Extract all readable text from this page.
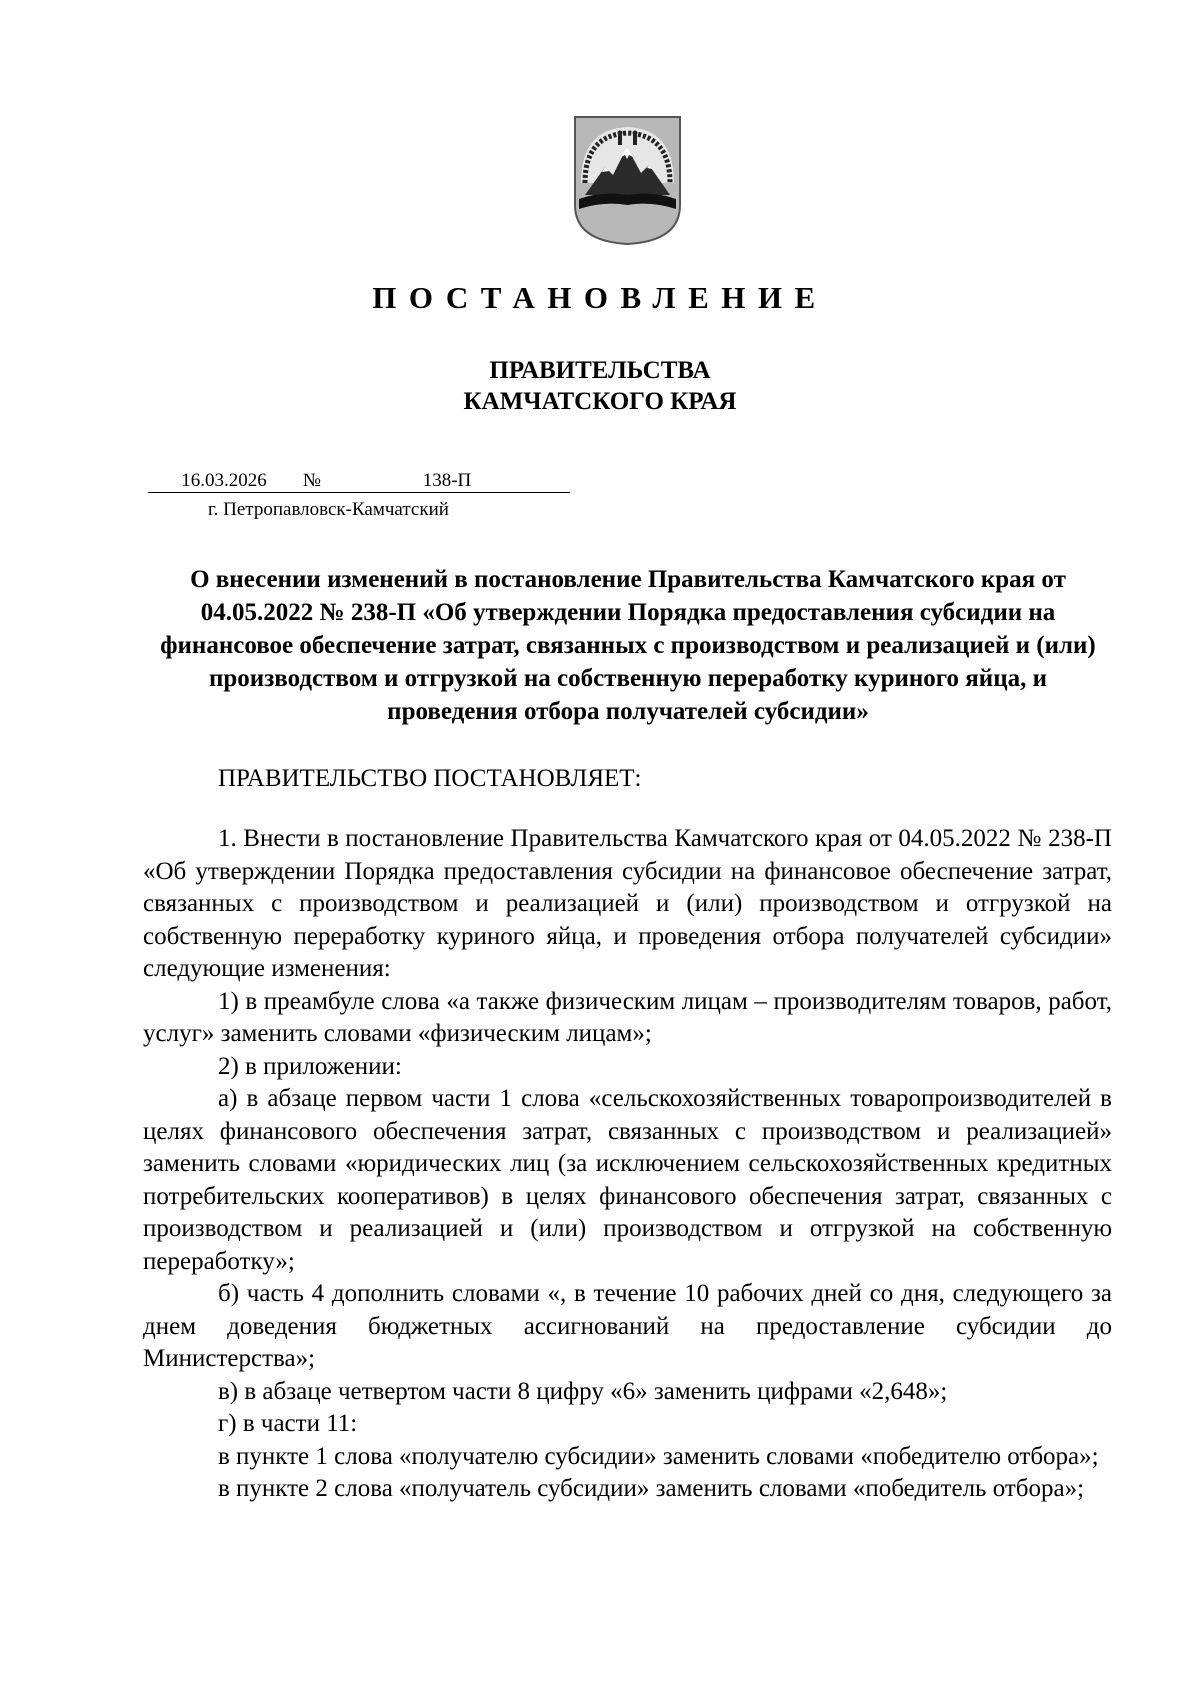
ПОСТАНОВЛЕНИЕ
ПРАВИТЕЛЬСТВА
КАМЧАТСКОГО КРАЯ
16.03.2026	№	138-П
г. Петропавловск-Камчатский
О внесении изменений в постановление Правительства Камчатского края от 04.05.2022 № 238-П «Об утверждении Порядка предоставления субсидии на финансовое обеспечение затрат, связанных с производством и реализацией и (или) производством и отгрузкой на собственную переработку куриного яйца, и проведения отбора получателей субсидии»
ПРАВИТЕЛЬСТВО ПОСТАНОВЛЯЕТ:

1. Внести в постановление Правительства Камчатского края от 04.05.2022 № 238-П «Об утверждении Порядка предоставления субсидии на финансовое обеспечение затрат, связанных с производством и реализацией и (или) производством и отгрузкой на собственную переработку куриного яйца, и проведения отбора получателей субсидии» следующие изменения:

1) в преамбуле слова «а также физическим лицам – производителям товаров, работ, услуг» заменить словами «физическим лицам»;

2) в приложении:

а) в абзаце первом части 1 слова «сельскохозяйственных товаропроизводителей в целях финансового обеспечения затрат, связанных с производством и реализацией» заменить словами «юридических лиц (за исключением сельскохозяйственных кредитных потребительских кооперативов) в целях финансового обеспечения затрат, связанных с производством и реализацией и (или) производством и отгрузкой на собственную переработку»;

б) часть 4 дополнить словами «, в течение 10 рабочих дней со дня, следующего за днем доведения бюджетных ассигнований на предоставление субсидии до Министерства»;

в) в абзаце четвертом части 8 цифру «6» заменить цифрами «2,648»;

г) в части 11:

в пункте 1 слова «получателю субсидии» заменить словами «победителю отбора»;

в пункте 2 слова «получатель субсидии» заменить словами «победитель отбора»;
